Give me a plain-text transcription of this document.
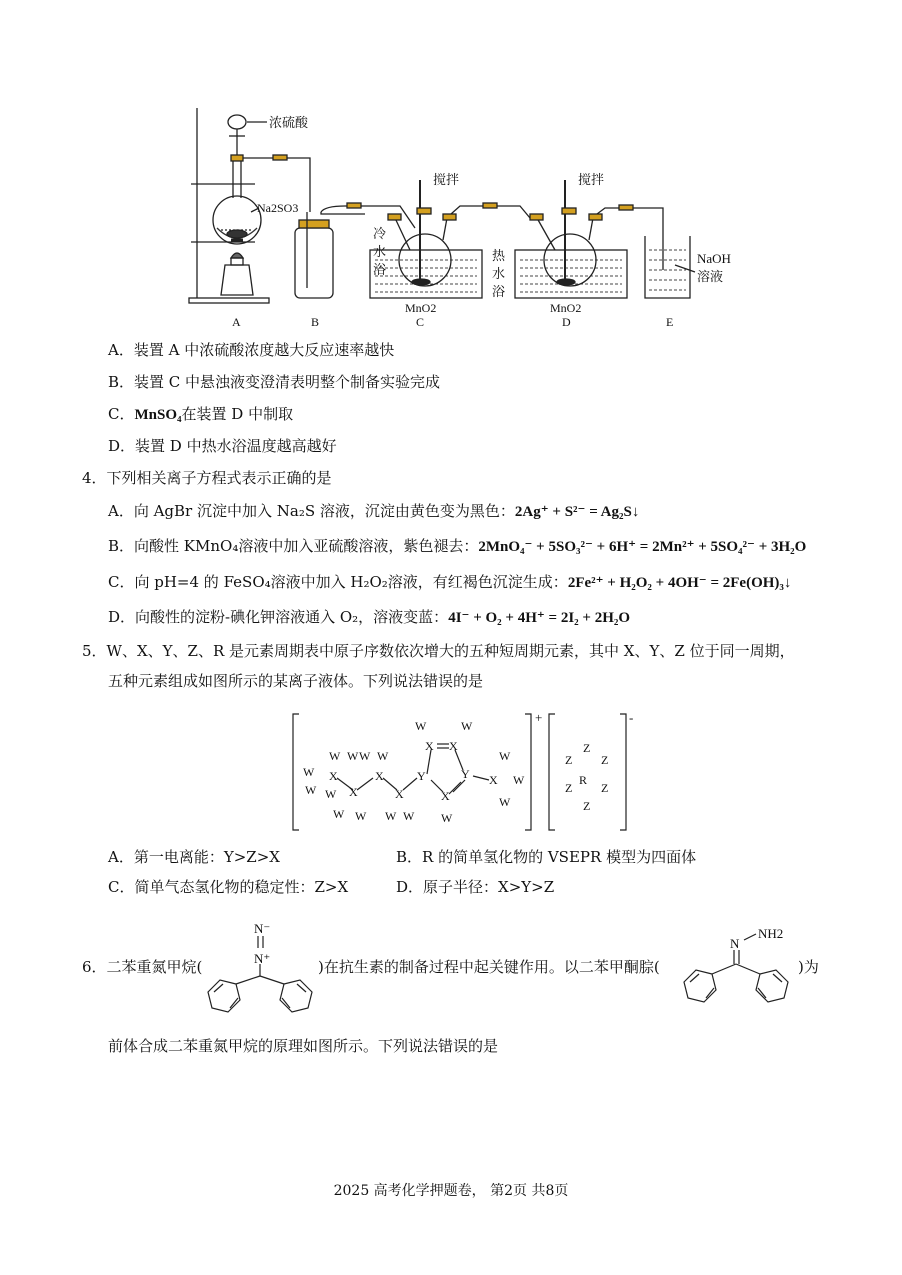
浓硫酸
Na2SO3
搅拌	搅拌
冷
水
浴
热
水
浴
MnO2	MnO2
NaOH
溶液
A	B	C	D	E
A．装置 A 中浓硫酸浓度越大反应速率越快
B．装置 C 中悬浊液变澄清表明整个制备实验完成
C．MnSO₄在装置 D 中制取
D．装置 D 中热水浴温度越高越好
4．下列相关离子方程式表示正确的是
A．向 AgBr 沉淀中加入 Na₂S 溶液，沉淀由黄色变为黑色：2Ag⁺ + S²⁻ = Ag₂S↓
B．向酸性 KMnO₄溶液中加入亚硫酸溶液，紫色褪去：2MnO₄⁻ + 5SO₃²⁻ + 6H⁺ = 2Mn²⁺ + 5SO₄²⁻ + 3H₂O
C．向 pH=4 的 FeSO₄溶液中加入 H₂O₂溶液，有红褐色沉淀生成：2Fe²⁺ + H₂O₂ + 4OH⁻ = 2Fe(OH)₃↓
D．向酸性的淀粉-碘化钾溶液通入 O₂，溶液变蓝：4I⁻ + O₂ + 4H⁺ = 2I₂ + 2H₂O
5．W、X、Y、Z、R 是元素周期表中原子序数依次增大的五种短周期元素，其中 X、Y、Z 位于同一周期，
五种元素组成如图所示的某离子液体。下列说法错误的是
W W
W X
W W X
W W
W W
X
X
W W
Y
X X
W	W
Y
X
W
X
W
W
W
Z
Z Z
R
Z Z
Z
+	-
A．第一电离能：Y>Z>X	B．R 的简单氢化物的 VSEPR 模型为四面体
C．简单气态氢化物的稳定性：Z>X	D．原子半径：X>Y>Z
6．二苯重氮甲烷(
N⁻
N⁺	)在抗生素的制备过程中起关键作用。以二苯甲酮腙(
N
NH2
)为
前体合成二苯重氮甲烷的原理如图所示。下列说法错误的是
2025 高考化学押题卷， 第2页 共8页
